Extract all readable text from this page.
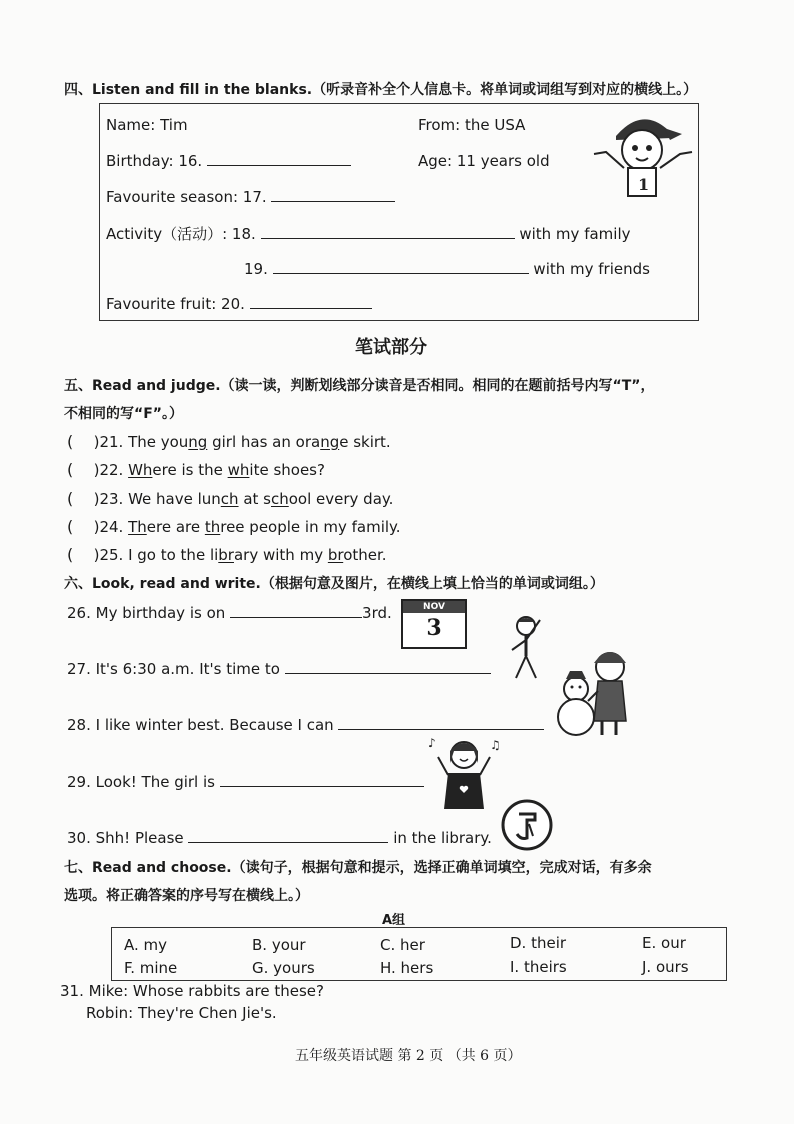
四、Listen and fill in the blanks.（听录音补全个人信息卡。将单词或词组写到对应的横线上。）
Name: Tim	From: the USA
Birthday: 16.	Age: 11 years old
Favourite season: 17.
Activity（活动）: 18.	with my family
19.	with my friends
Favourite fruit: 20.
1
笔试部分
五、Read and judge.（读一读，判断划线部分读音是否相同。相同的在题前括号内写“T”，
不相同的写“F”。）
(    )21. The young girl has an orange skirt.
(    )22. Where is the white shoes?
(    )23. We have lunch at school every day.
(    )24. There are three people in my family.
(    )25. I go to the library with my brother.
六、Look, read and write.（根据句意及图片，在横线上填上恰当的单词或词组。）
26. My birthday is on	3rd.	NOV
3
27. It's 6:30 a.m. It's time to
28. I like winter best. Because I can
29. Look! The girl is
♪	♫
30. Shh! Please	in the library.
七、Read and choose.（读句子，根据句意和提示，选择正确单词填空，完成对话，有多余
选项。将正确答案的序号写在横线上。）
A组
A. my	B. your	C. her	D. their	E. our
F. mine	G. yours	H. hers	I. theirs	J. ours
31. Mike: Whose rabbits are these?
Robin: They're Chen Jie's.
五年级英语试题 第 2 页 （共 6 页）
